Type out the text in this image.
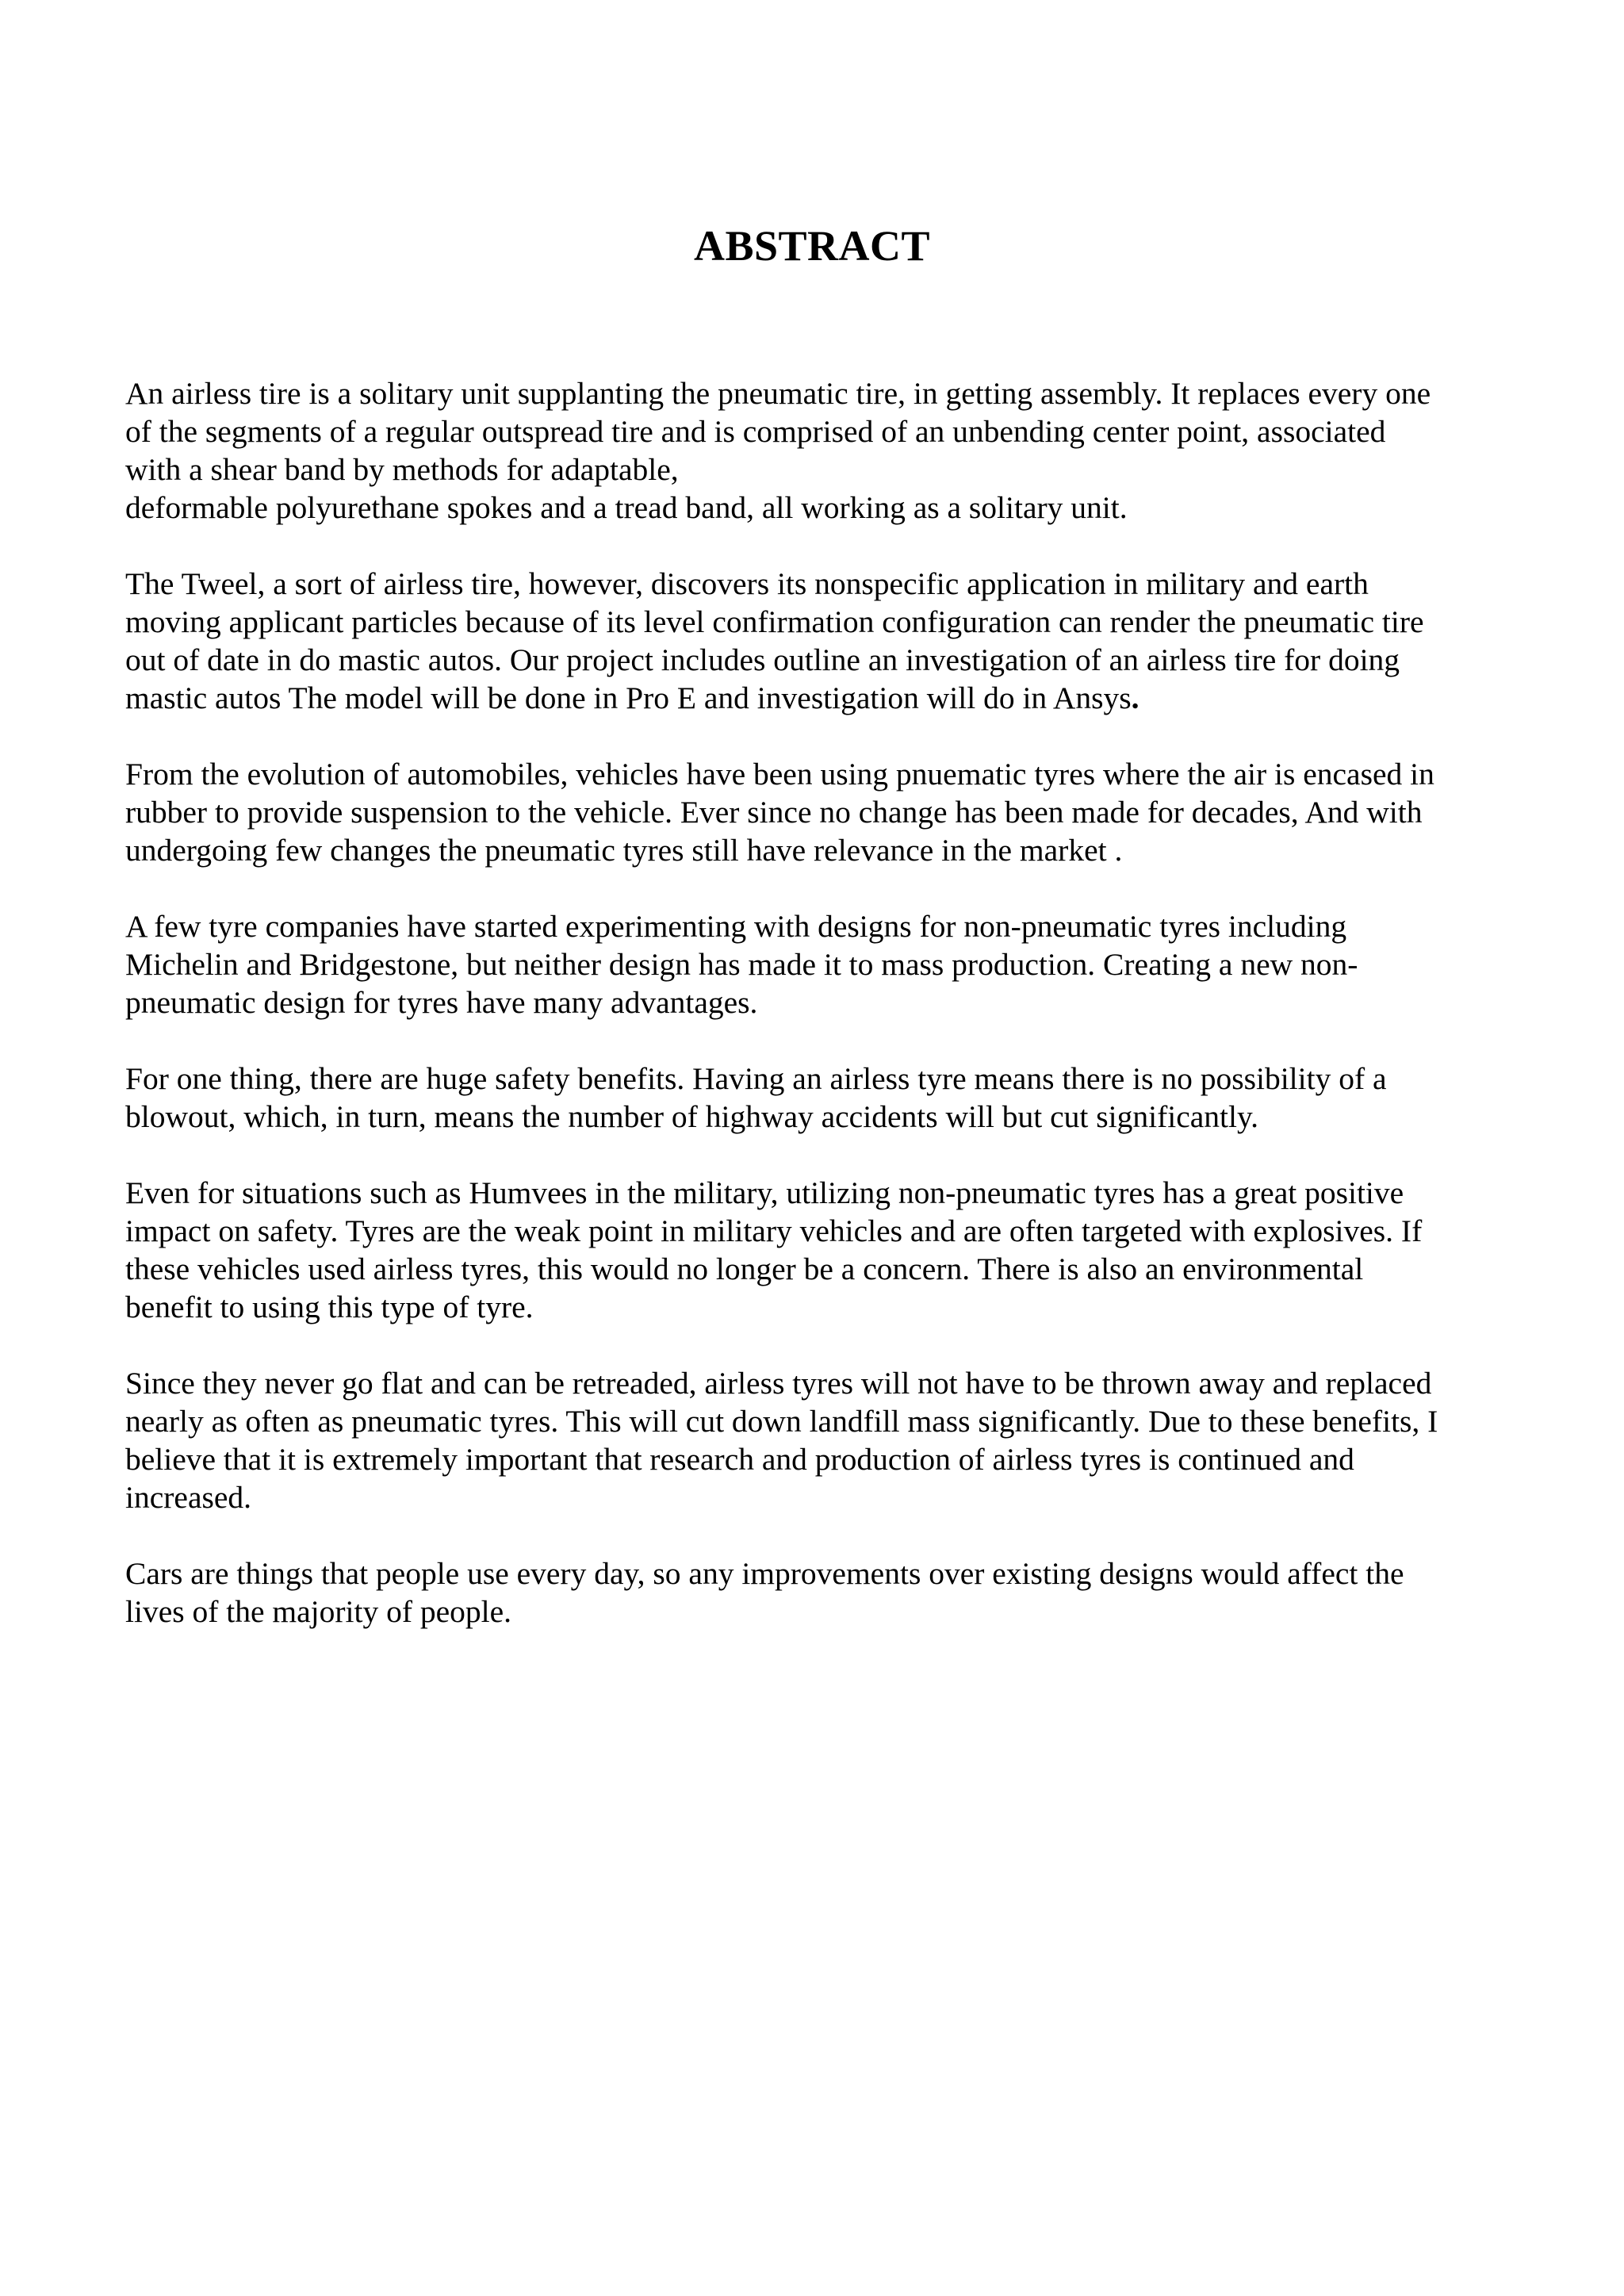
ABSTRACT

An airless tire is a solitary unit supplanting the pneumatic tire, in getting assembly. It replaces every one
of the segments of a regular outspread tire and is comprised of an unbending center point, associated
with a shear band by methods for adaptable,
deformable polyurethane spokes and a tread band, all working as a solitary unit.

The Tweel, a sort of airless tire, however, discovers its nonspecific application in military and earth
moving applicant particles because of its level confirmation configuration can render the pneumatic tire
out of date in do mastic autos. Our project includes outline an investigation of an airless tire for doing
mastic autos The model will be done in Pro E and investigation will do in Ansys.

From the evolution of automobiles, vehicles have been using pnuematic tyres where the air is encased in
rubber to provide suspension to the vehicle. Ever since no change has been made for decades, And with
undergoing few changes the pneumatic tyres still have relevance in the market .

A few tyre companies have started experimenting with designs for non-pneumatic tyres including
Michelin and Bridgestone, but neither design has made it to mass production. Creating a new non-
pneumatic design for tyres have many advantages.

For one thing, there are huge safety benefits. Having an airless tyre means there is no possibility of a
blowout, which, in turn, means the number of highway accidents will but cut significantly.

Even for situations such as Humvees in the military, utilizing non-pneumatic tyres has a great positive
impact on safety. Tyres are the weak point in military vehicles and are often targeted with explosives. If
these vehicles used airless tyres, this would no longer be a concern. There is also an environmental
benefit to using this type of tyre.

Since they never go flat and can be retreaded, airless tyres will not have to be thrown away and replaced
nearly as often as pneumatic tyres. This will cut down landfill mass significantly. Due to these benefits, I
believe that it is extremely important that research and production of airless tyres is continued and
increased.

Cars are things that people use every day, so any improvements over existing designs would affect the
lives of the majority of people.
